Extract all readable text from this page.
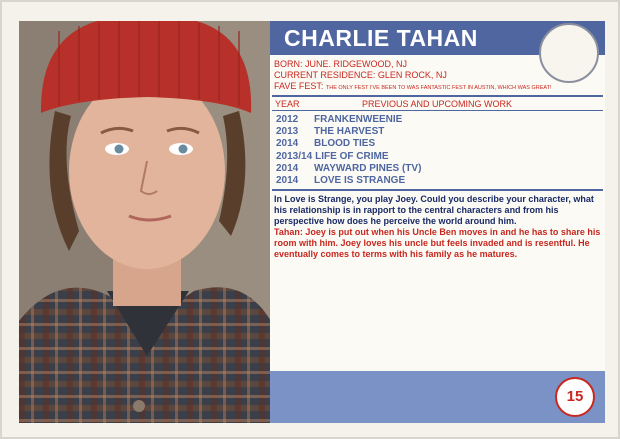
CHARLIE TAHAN
BORN: JUNE. RIDGEWOOD, NJ
CURRENT RESIDENCE: GLEN ROCK, NJ
FAVE FEST: THE ONLY FEST I'VE BEEN TO WAS FANTASTIC FEST IN AUSTIN, WHICH WAS GREAT!
YEAR	PREVIOUS AND UPCOMING WORK
2012 FRANKENWEENIE
2013 THE HARVEST
2014 BLOOD TIES
2013/14 LIFE OF CRIME
2014 WAYWARD PINES (TV)
2014 LOVE IS STRANGE
In Love is Strange, you play Joey. Could you describe your character, what his relationship is in rapport to the central characters and from his perspective how does he perceive the world around him.
Tahan: Joey is put out when his Uncle Ben moves in and he has to share his room with him. Joey loves his uncle but feels invaded and is resentful. He eventually comes to terms with his family as he matures.
15
